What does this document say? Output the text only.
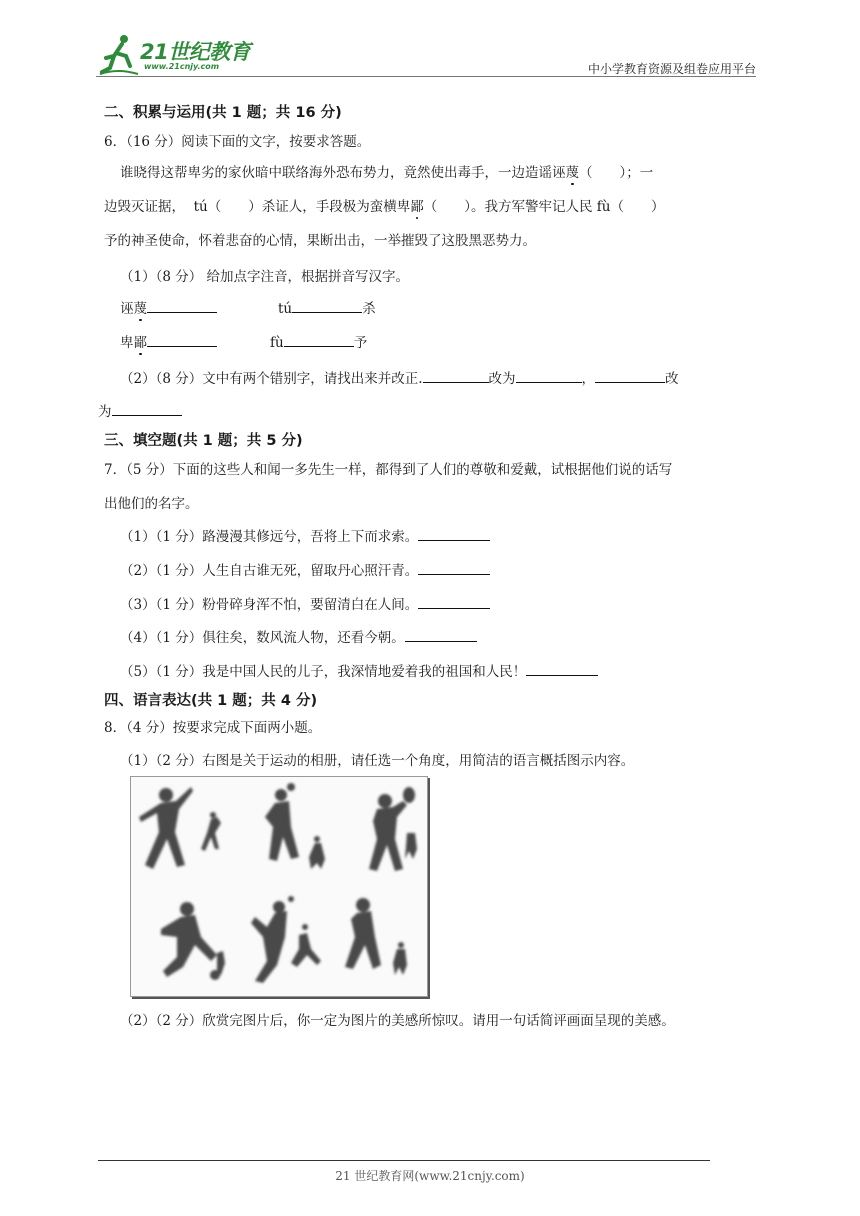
21世纪教育
www.21cnjy.com	中小学教育资源及组卷应用平台
二、积累与运用(共 1 题；共 16 分)
6．（16 分）阅读下面的文字，按要求答题。
谁晓得这帮卑劣的家伙暗中联络海外恐布势力，竟然使出毒手，一边造谣诬蔑（　　）；一
边毁灭证据， tú（　　）杀证人，手段极为蛮横卑鄙（　　）。我方军警牢记人民 fù（　　）
予的神圣使命，怀着悲奋的心情，果断出击，一举摧毁了这股黑恶势力。
（1）（8 分） 给加点字注音，根据拼音写汉字。
诬蔑	tú	杀
卑鄙	fù	予
（2）（8 分）文中有两个错别字，请找出来并改正.	改为	，	改
为
三、填空题(共 1 题；共 5 分)
7．（5 分）下面的这些人和闻一多先生一样，都得到了人们的尊敬和爱戴，试根据他们说的话写
出他们的名字。
（1）（1 分）路漫漫其修远兮，吾将上下而求索。
（2）（1 分）人生自古谁无死，留取丹心照汗青。
（3）（1 分）粉骨碎身浑不怕，要留清白在人间。
（4）（1 分）俱往矣，数风流人物，还看今朝。
（5）（1 分）我是中国人民的儿子，我深情地爱着我的祖国和人民！
四、语言表达(共 1 题；共 4 分)
8．（4 分）按要求完成下面两小题。
（1）（2 分）右图是关于运动的相册，请任选一个角度，用简洁的语言概括图示内容。
（2）（2 分）欣赏完图片后，你一定为图片的美感所惊叹。请用一句话简评画面呈现的美感。
21 世纪教育网(www.21cnjy.com)
